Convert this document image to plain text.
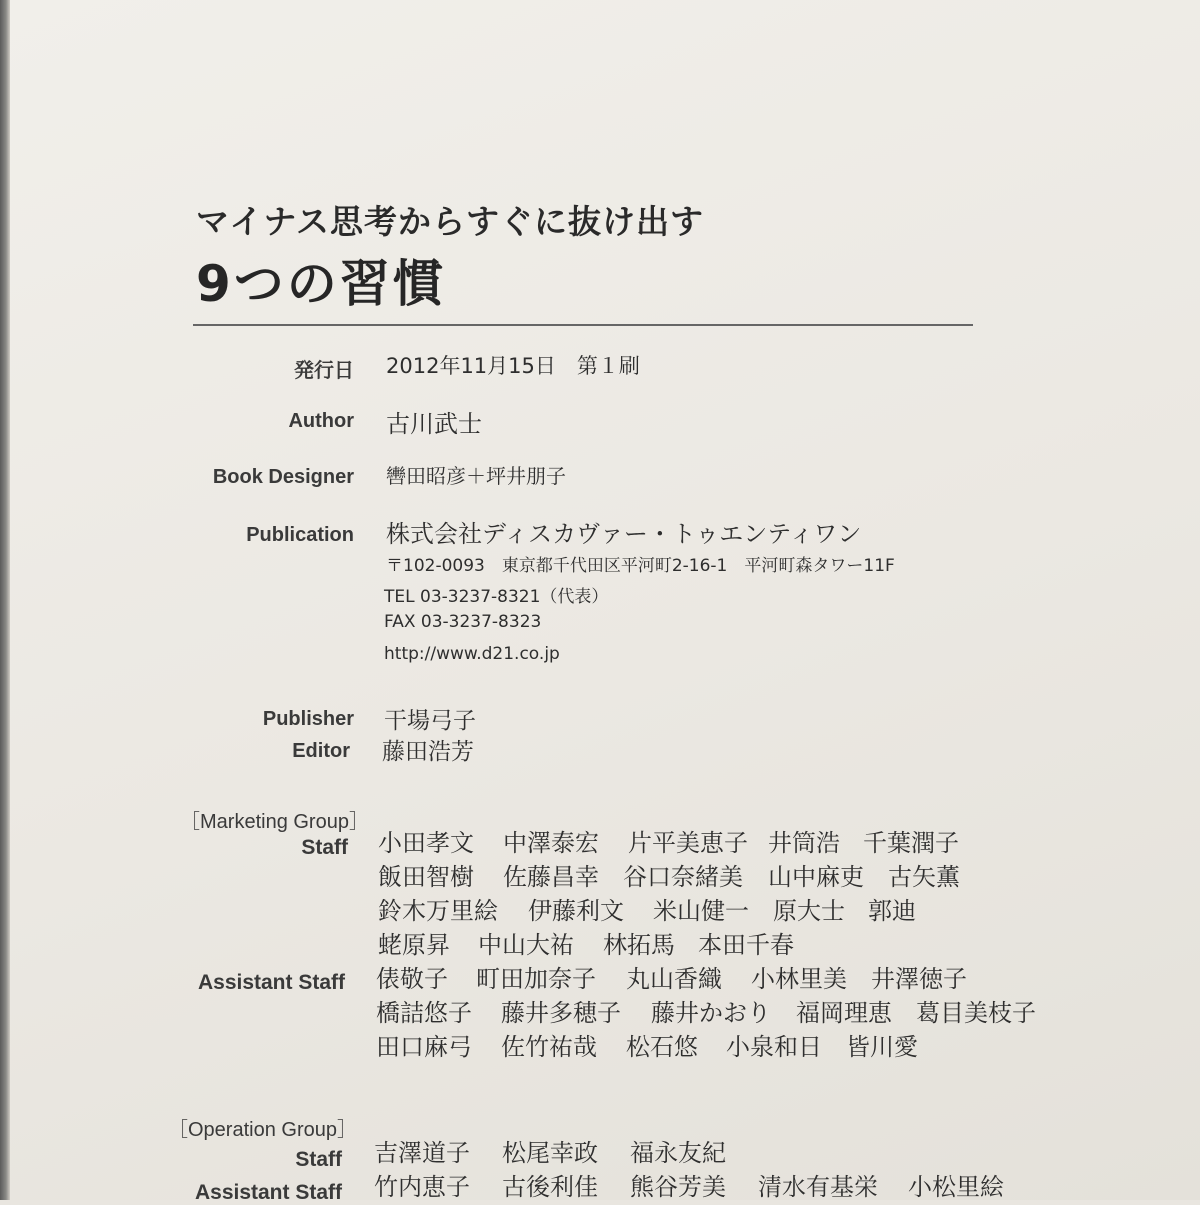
マイナス思考からすぐに抜け出す
9つの習慣
発行日 2012年11月15日　第１刷
Author 古川武士
Book Designer 轡田昭彦＋坪井朋子
Publication 株式会社ディスカヴァー・トゥエンティワン
〒102-0093　東京都千代田区平河町2-16-1　平河町森タワー11F
TEL 03-3237-8321（代表）
FAX 03-3237-8323
http://www.d21.co.jp
Publisher 干場弓子
Editor 藤田浩芳
［Marketing Group］
Staff 小田孝文 中澤泰宏 片平美恵子 井筒浩 千葉潤子
飯田智樹 佐藤昌幸 谷口奈緒美 山中麻吏 古矢薫
鈴木万里絵 伊藤利文 米山健一 原大士 郭迪
蛯原昇 中山大祐 林拓馬 本田千春
Assistant Staff 俵敬子 町田加奈子 丸山香織 小林里美 井澤徳子
橋詰悠子 藤井多穂子 藤井かおり 福岡理恵 葛目美枝子
田口麻弓 佐竹祐哉 松石悠 小泉和日 皆川愛
［Operation Group］
Staff 吉澤道子 松尾幸政 福永友紀
Assistant Staff 竹内恵子 古後利佳 熊谷芳美 清水有基栄 小松里絵
